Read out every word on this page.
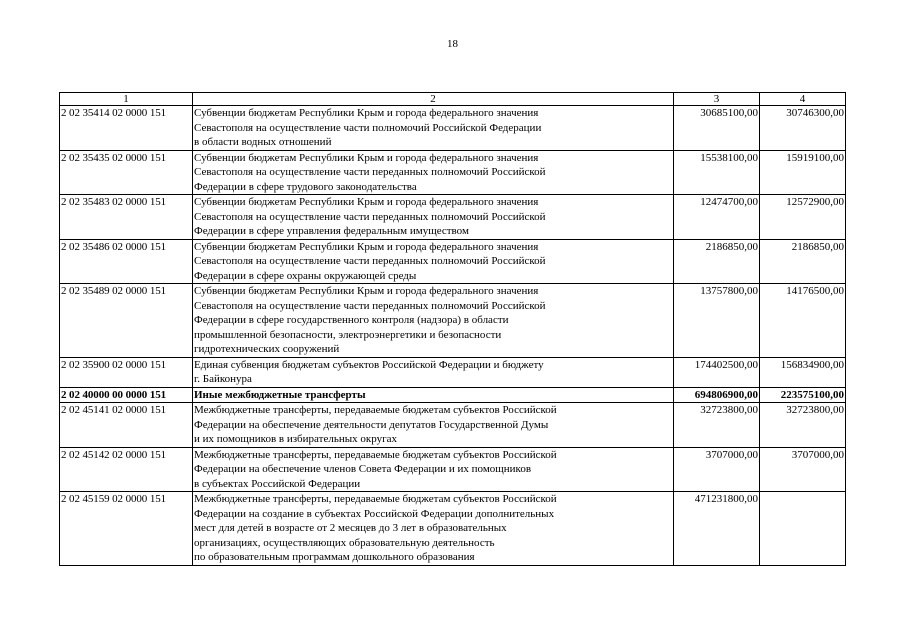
18
1	2	3	4
2 02 35414 02 0000 151	Субвенции бюджетам Республики Крым и города федерального значения
Севастополя на осуществление части полномочий Российской Федерации
в области водных отношений	30685100,00	30746300,00
2 02 35435 02 0000 151	Субвенции бюджетам Республики Крым и города федерального значения
Севастополя на осуществление части переданных полномочий Российской
Федерации в сфере трудового законодательства	15538100,00	15919100,00
2 02 35483 02 0000 151	Субвенции бюджетам Республики Крым и города федерального значения
Севастополя на осуществление части переданных полномочий Российской
Федерации в сфере управления федеральным имуществом	12474700,00	12572900,00
2 02 35486 02 0000 151	Субвенции бюджетам Республики Крым и города федерального значения
Севастополя на осуществление части переданных полномочий Российской
Федерации в сфере охраны окружающей среды	2186850,00	2186850,00
2 02 35489 02 0000 151	Субвенции бюджетам Республики Крым и города федерального значения
Севастополя на осуществление части переданных полномочий Российской
Федерации в сфере государственного контроля (надзора) в области
промышленной безопасности, электроэнергетики и безопасности
гидротехнических сооружений	13757800,00	14176500,00
2 02 35900 02 0000 151	Единая субвенция бюджетам субъектов Российской Федерации и бюджету
г. Байконура	174402500,00	156834900,00
2 02 40000 00 0000 151	Иные межбюджетные трансферты	694806900,00	223575100,00
2 02 45141 02 0000 151	Межбюджетные трансферты, передаваемые бюджетам субъектов Российской
Федерации на обеспечение деятельности депутатов Государственной Думы
и их помощников в избирательных округах	32723800,00	32723800,00
2 02 45142 02 0000 151	Межбюджетные трансферты, передаваемые бюджетам субъектов Российской
Федерации на обеспечение членов Совета Федерации и их помощников
в субъектах Российской Федерации	3707000,00	3707000,00
2 02 45159 02 0000 151	Межбюджетные трансферты, передаваемые бюджетам субъектов Российской
Федерации на создание в субъектах Российской Федерации дополнительных
мест для детей в возрасте от 2 месяцев до 3 лет в образовательных
организациях, осуществляющих образовательную деятельность
по образовательным программам дошкольного образования	471231800,00	
